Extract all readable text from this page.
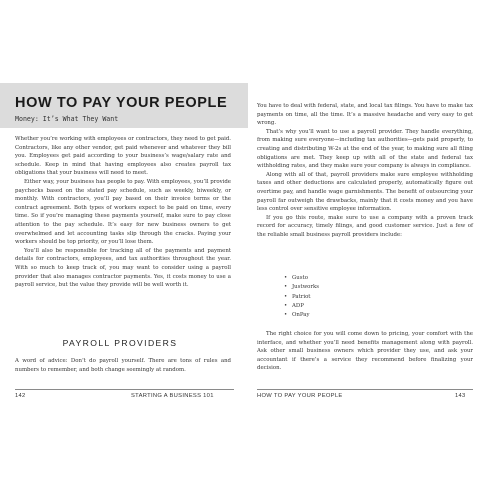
HOW TO PAY YOUR PEOPLE
Money: It’s What They Want

Whether you’re working with employees or contractors, they need to get paid. Contractors, like any other vendor, get paid whenever and whatever they bill you. Employees get paid according to your business’s wage/salary rate and schedule. Keep in mind that having employees also creates payroll tax obligations that your business will need to meet.

Either way, your business has people to pay. With employees, you’ll provide paychecks based on the stated pay schedule, such as weekly, biweekly, or monthly. With contractors, you’ll pay based on their invoice terms or the contract agreement. Both types of workers expect to be paid on time, every time. So if you’re managing these payments yourself, make sure to pay close attention to the pay schedule. It’s easy for new business owners to get overwhelmed and let accounting tasks slip through the cracks. Paying your workers should be top priority, or you’ll lose them.

You’ll also be responsible for tracking all of the payments and payment details for contractors, employees, and tax authorities throughout the year. With so much to keep track of, you may want to consider using a payroll provider that also manages contractor payments. Yes, it costs money to use a payroll service, but the value they provide will be well worth it.

PAYROLL PROVIDERS

A word of advice: Don’t do payroll yourself. There are tons of rules and numbers to remember, and both change seemingly at random.

You have to deal with federal, state, and local tax filings. You have to make tax payments on time, all the time. It’s a massive headache and very easy to get wrong.

That’s why you’ll want to use a payroll provider. They handle everything, from making sure everyone—including tax authorities—gets paid properly, to creating and distributing W-2s at the end of the year, to making sure all filing obligations are met. They keep up with all of the state and federal tax withholding rates, and they make sure your company is always in compliance.

Along with all of that, payroll providers make sure employee withholding taxes and other deductions are calculated properly, automatically figure out overtime pay, and handle wage garnishments. The benefit of outsourcing your payroll far outweigh the drawbacks, mainly that it costs money and you have less control over sensitive employee information.

If you go this route, make sure to use a company with a proven track record for accuracy, timely filings, and good customer service. Just a few of the reliable small business payroll providers include:

• Gusto
• Justworks
• Patriot
• ADP
• OnPay

The right choice for you will come down to pricing, your comfort with the interface, and whether you’ll need benefits management along with payroll. Ask other small business owners which provider they use, and ask your accountant if there’s a service they recommend before finalizing your decision.

142	STARTING A BUSINESS 101	HOW TO PAY YOUR PEOPLE	143
